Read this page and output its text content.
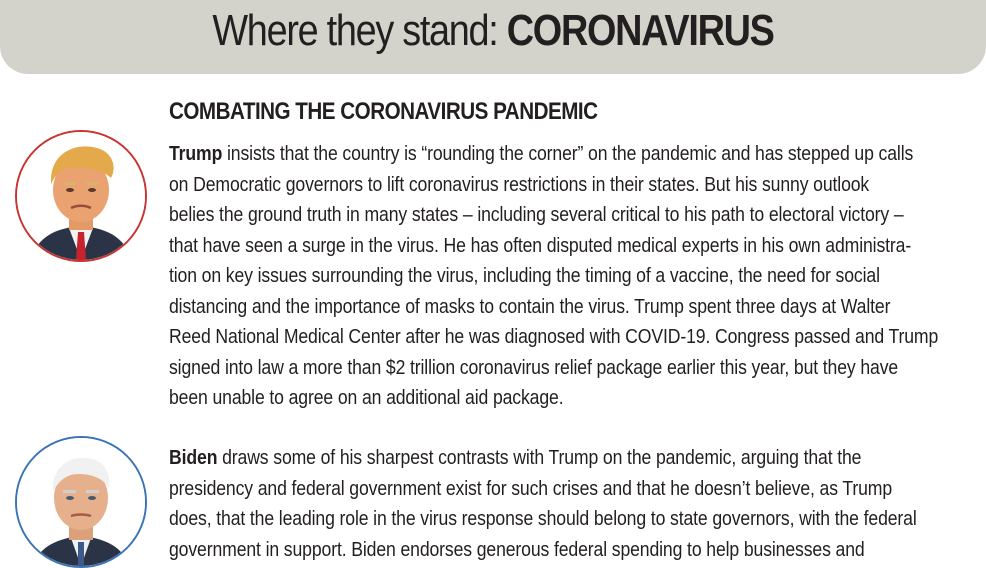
Where they stand: CORONAVIRUS
COMBATING THE CORONAVIRUS PANDEMIC
Trump insists that the country is “rounding the corner” on the pandemic and has stepped up calls
on Democratic governors to lift coronavirus restrictions in their states. But his sunny outlook
belies the ground truth in many states – including several critical to his path to electoral victory –
that have seen a surge in the virus. He has often disputed medical experts in his own administra-
tion on key issues surrounding the virus, including the timing of a vaccine, the need for social
distancing and the importance of masks to contain the virus. Trump spent three days at Walter
Reed National Medical Center after he was diagnosed with COVID-19. Congress passed and Trump
signed into law a more than $2 trillion coronavirus relief package earlier this year, but they have
been unable to agree on an additional aid package.
Biden draws some of his sharpest contrasts with Trump on the pandemic, arguing that the
presidency and federal government exist for such crises and that he doesn’t believe, as Trump
does, that the leading role in the virus response should belong to state governors, with the federal
government in support. Biden endorses generous federal spending to help businesses and
